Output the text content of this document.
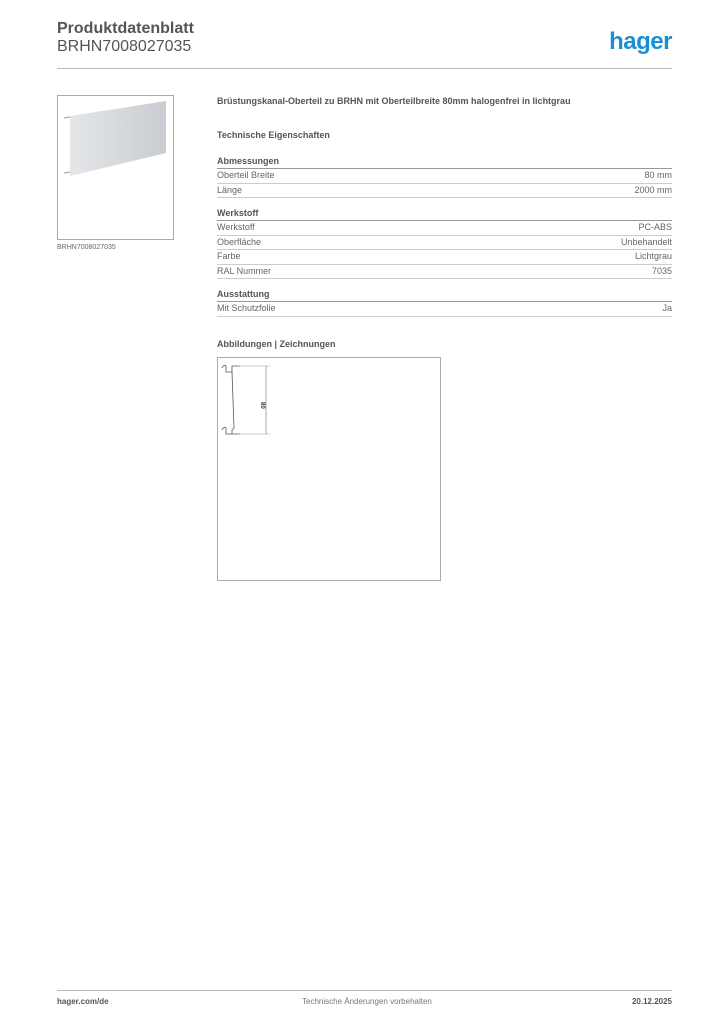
Produktdatenblatt
BRHN7008027035	hager
BRHN7008027035
Brüstungskanal-Oberteil zu BRHN mit Oberteilbreite 80mm halogenfrei in lichtgrau
Technische Eigenschaften
Abmessungen
Oberteil Breite	80 mm
Länge	2000 mm
Werkstoff
Werkstoff	PC-ABS
Oberfläche	Unbehandelt
Farbe	Lichtgrau
RAL Nummer	7035
Ausstattung
Mit Schutzfolie	Ja
Abbildungen | Zeichnungen
80
hager.com/de	Technische Änderungen vorbehalten	20.12.2025
